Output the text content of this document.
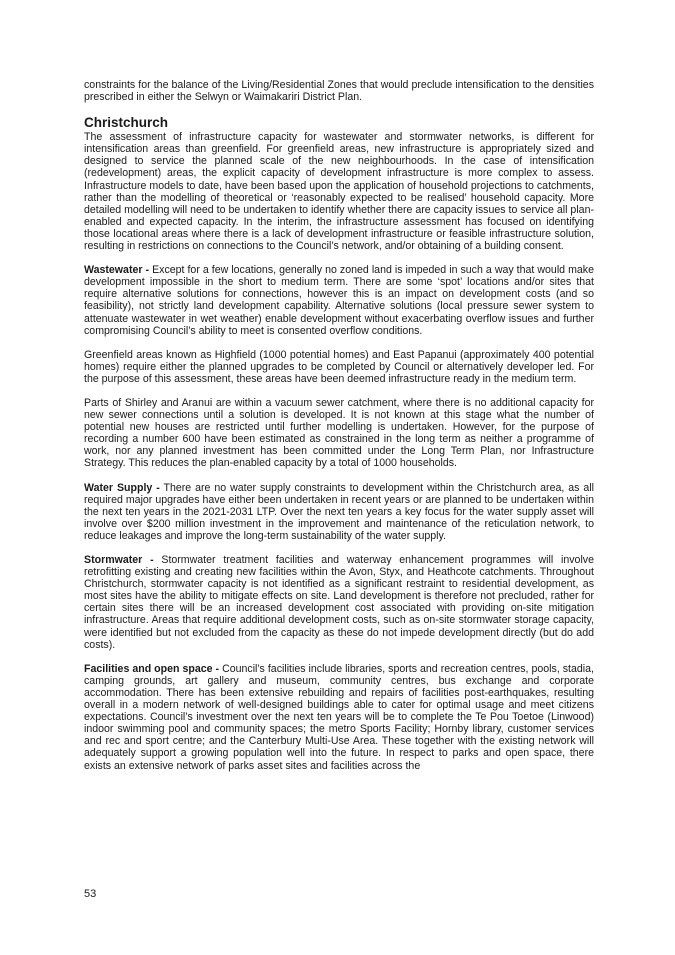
constraints for the balance of the Living/Residential Zones that would preclude intensification to the densities prescribed in either the Selwyn or Waimakariri District Plan.

Christchurch

The assessment of infrastructure capacity for wastewater and stormwater networks, is different for intensification areas than greenfield. For greenfield areas, new infrastructure is appropriately sized and designed to service the planned scale of the new neighbourhoods. In the case of intensification (redevelopment) areas, the explicit capacity of development infrastructure is more complex to assess. Infrastructure models to date, have been based upon the application of household projections to catchments, rather than the modelling of theoretical or ‘reasonably expected to be realised’ household capacity. More detailed modelling will need to be undertaken to identify whether there are capacity issues to service all plan-enabled and expected capacity. In the interim, the infrastructure assessment has focused on identifying those locational areas where there is a lack of development infrastructure or feasible infrastructure solution, resulting in restrictions on connections to the Council’s network, and/or obtaining of a building consent.

Wastewater - Except for a few locations, generally no zoned land is impeded in such a way that would make development impossible in the short to medium term. There are some ‘spot’ locations and/or sites that require alternative solutions for connections, however this is an impact on development costs (and so feasibility), not strictly land development capability. Alternative solutions (local pressure sewer system to attenuate wastewater in wet weather) enable development without exacerbating overflow issues and further compromising Council’s ability to meet is consented overflow conditions.

Greenfield areas known as Highfield (1000 potential homes) and East Papanui (approximately 400 potential homes) require either the planned upgrades to be completed by Council or alternatively developer led. For the purpose of this assessment, these areas have been deemed infrastructure ready in the medium term.

Parts of Shirley and Aranui are within a vacuum sewer catchment, where there is no additional capacity for new sewer connections until a solution is developed. It is not known at this stage what the number of potential new houses are restricted until further modelling is undertaken. However, for the purpose of recording a number 600 have been estimated as constrained in the long term as neither a programme of work, nor any planned investment has been committed under the Long Term Plan, nor Infrastructure Strategy. This reduces the plan-enabled capacity by a total of 1000 households.

Water Supply - There are no water supply constraints to development within the Christchurch area, as all required major upgrades have either been undertaken in recent years or are planned to be undertaken within the next ten years in the 2021-2031 LTP. Over the next ten years a key focus for the water supply asset will involve over $200 million investment in the improvement and maintenance of the reticulation network, to reduce leakages and improve the long-term sustainability of the water supply.

Stormwater - Stormwater treatment facilities and waterway enhancement programmes will involve retrofitting existing and creating new facilities within the Avon, Styx, and Heathcote catchments. Throughout Christchurch, stormwater capacity is not identified as a significant restraint to residential development, as most sites have the ability to mitigate effects on site. Land development is therefore not precluded, rather for certain sites there will be an increased development cost associated with providing on-site mitigation infrastructure. Areas that require additional development costs, such as on-site stormwater storage capacity, were identified but not excluded from the capacity as these do not impede development directly (but do add costs).

Facilities and open space - Council’s facilities include libraries, sports and recreation centres, pools, stadia, camping grounds, art gallery and museum, community centres, bus exchange and corporate accommodation. There has been extensive rebuilding and repairs of facilities post-earthquakes, resulting overall in a modern network of well-designed buildings able to cater for optimal usage and meet citizens expectations. Council’s investment over the next ten years will be to complete the Te Pou Toetoe (Linwood) indoor swimming pool and community spaces; the metro Sports Facility; Hornby library, customer services and rec and sport centre; and the Canterbury Multi-Use Area. These together with the existing network will adequately support a growing population well into the future. In respect to parks and open space, there exists an extensive network of parks asset sites and facilities across the

53
